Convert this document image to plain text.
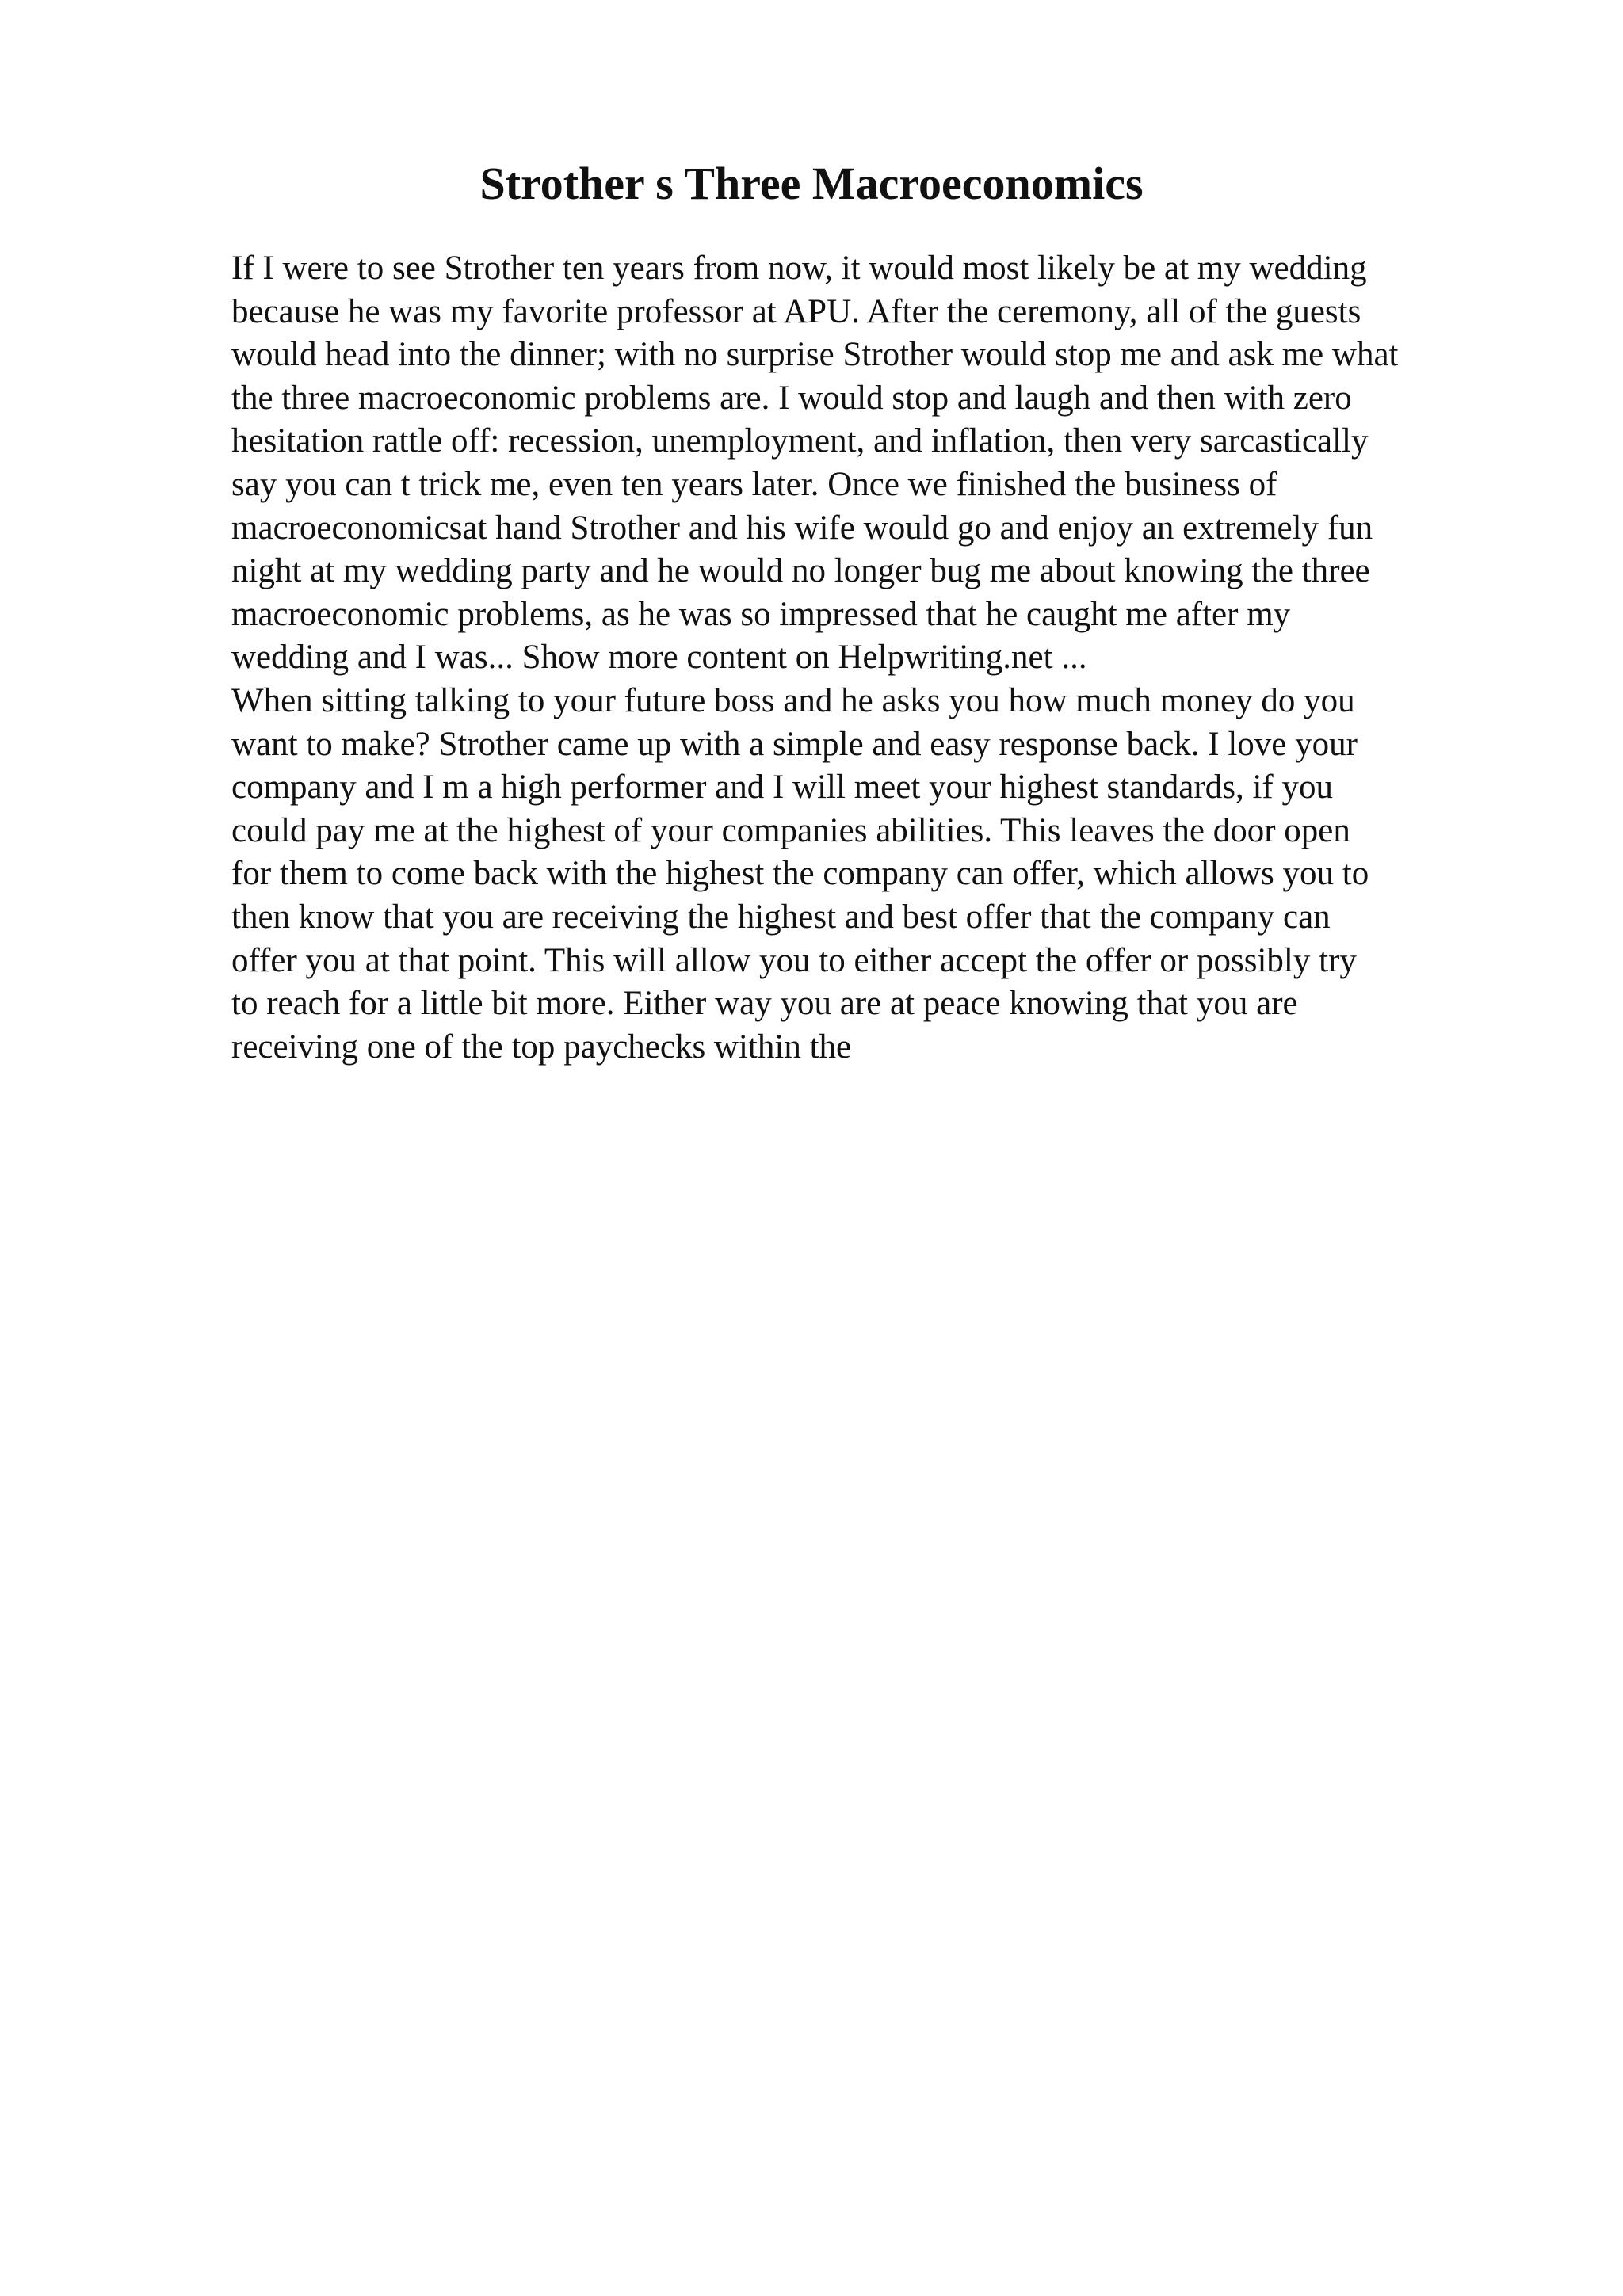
Strother s Three Macroeconomics

If I were to see Strother ten years from now, it would most likely be at my wedding
because he was my favorite professor at APU. After the ceremony, all of the guests
would head into the dinner; with no surprise Strother would stop me and ask me what
the three macroeconomic problems are. I would stop and laugh and then with zero
hesitation rattle off: recession, unemployment, and inflation, then very sarcastically
say you can t trick me, even ten years later. Once we finished the business of
macroeconomicsat hand Strother and his wife would go and enjoy an extremely fun
night at my wedding party and he would no longer bug me about knowing the three
macroeconomic problems, as he was so impressed that he caught me after my
wedding and I was... Show more content on Helpwriting.net ...

When sitting talking to your future boss and he asks you how much money do you
want to make? Strother came up with a simple and easy response back. I love your
company and I m a high performer and I will meet your highest standards, if you
could pay me at the highest of your companies abilities. This leaves the door open
for them to come back with the highest the company can offer, which allows you to
then know that you are receiving the highest and best offer that the company can
offer you at that point. This will allow you to either accept the offer or possibly try
to reach for a little bit more. Either way you are at peace knowing that you are
receiving one of the top paychecks within the
